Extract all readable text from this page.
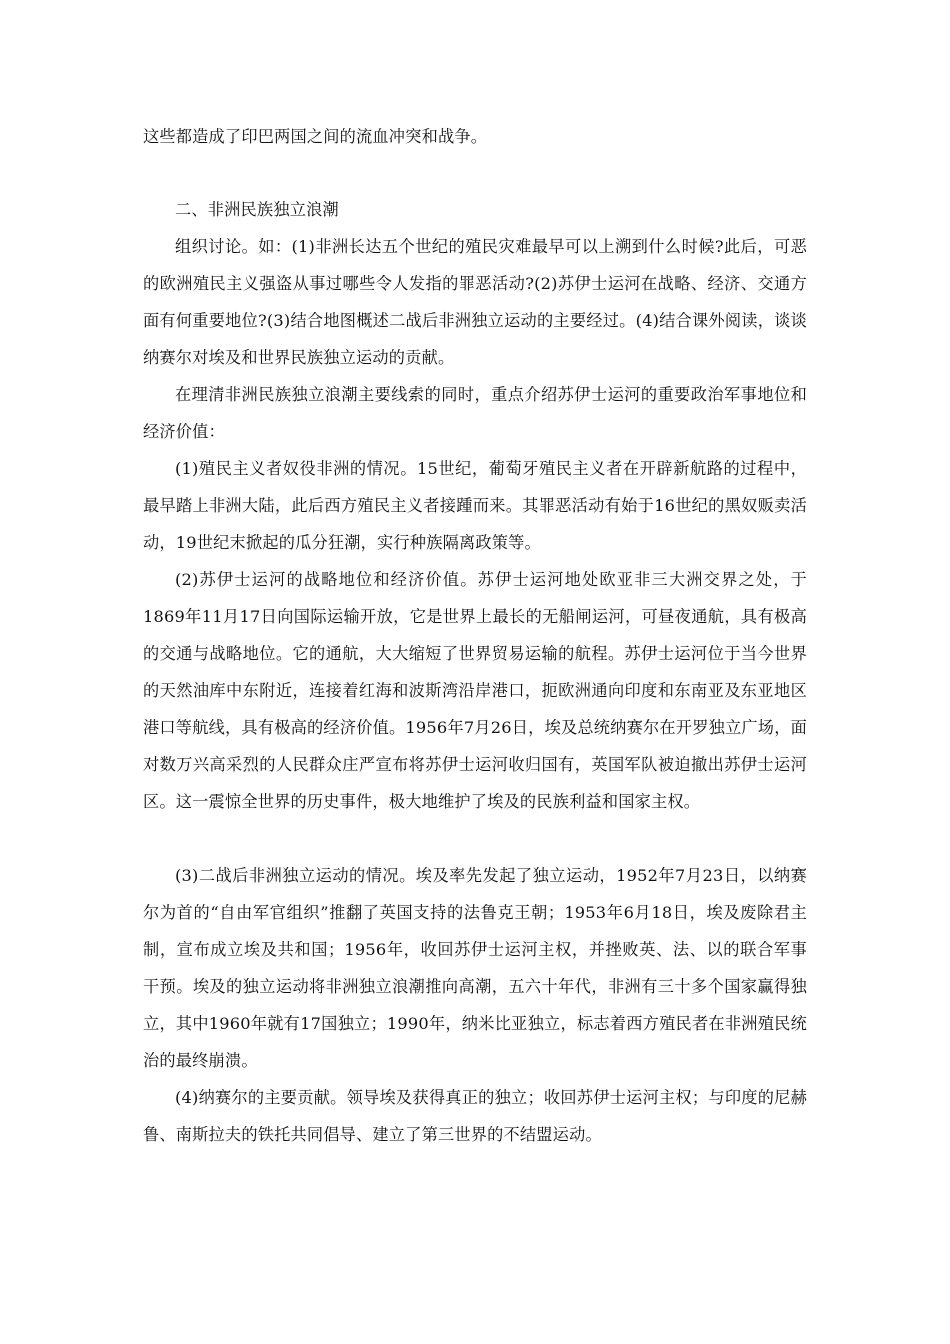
这些都造成了印巴两国之间的流血冲突和战争。

二、非洲民族独立浪潮

组织讨论。如：(1)非洲长达五个世纪的殖民灾难最早可以上溯到什么时候?此后，可恶的欧洲殖民主义强盗从事过哪些令人发指的罪恶活动?(2)苏伊士运河在战略、经济、交通方面有何重要地位?(3)结合地图概述二战后非洲独立运动的主要经过。(4)结合课外阅读，谈谈纳赛尔对埃及和世界民族独立运动的贡献。

在理清非洲民族独立浪潮主要线索的同时，重点介绍苏伊士运河的重要政治军事地位和经济价值：

(1)殖民主义者奴役非洲的情况。15世纪，葡萄牙殖民主义者在开辟新航路的过程中，最早踏上非洲大陆，此后西方殖民主义者接踵而来。其罪恶活动有始于16世纪的黑奴贩卖活动，19世纪末掀起的瓜分狂潮，实行种族隔离政策等。

(2)苏伊士运河的战略地位和经济价值。苏伊士运河地处欧亚非三大洲交界之处，于1869年11月17日向国际运输开放，它是世界上最长的无船闸运河，可昼夜通航，具有极高的交通与战略地位。它的通航，大大缩短了世界贸易运输的航程。苏伊士运河位于当今世界的天然油库中东附近，连接着红海和波斯湾沿岸港口，扼欧洲通向印度和东南亚及东亚地区港口等航线，具有极高的经济价值。1956年7月26日，埃及总统纳赛尔在开罗独立广场，面对数万兴高采烈的人民群众庄严宣布将苏伊士运河收归国有，英国军队被迫撤出苏伊士运河区。这一震惊全世界的历史事件，极大地维护了埃及的民族利益和国家主权。

(3)二战后非洲独立运动的情况。埃及率先发起了独立运动，1952年7月23日，以纳赛尔为首的“自由军官组织”推翻了英国支持的法鲁克王朝；1953年6月18日，埃及废除君主制，宣布成立埃及共和国；1956年，收回苏伊士运河主权，并挫败英、法、以的联合军事干预。埃及的独立运动将非洲独立浪潮推向高潮，五六十年代，非洲有三十多个国家赢得独立，其中1960年就有17国独立；1990年，纳米比亚独立，标志着西方殖民者在非洲殖民统治的最终崩溃。

(4)纳赛尔的主要贡献。领导埃及获得真正的独立；收回苏伊士运河主权；与印度的尼赫鲁、南斯拉夫的铁托共同倡导、建立了第三世界的不结盟运动。
